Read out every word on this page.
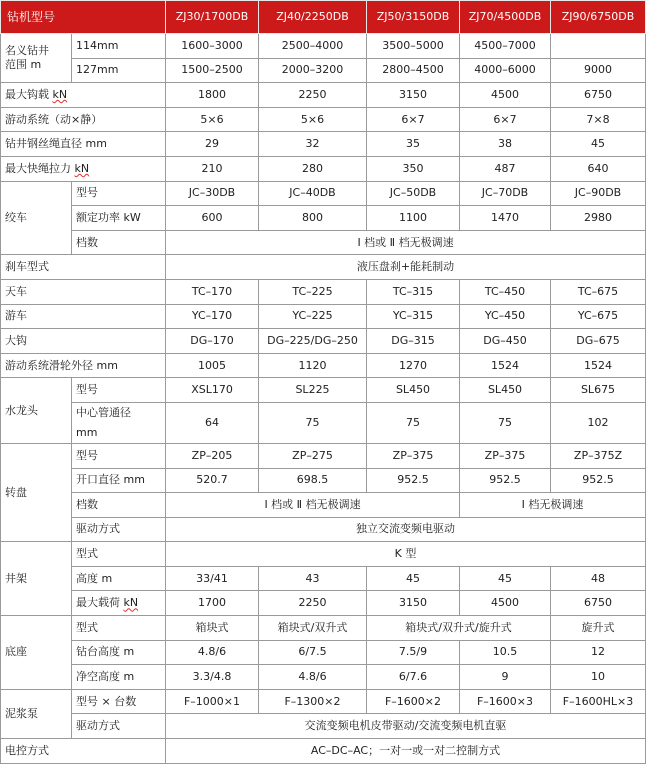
钻机型号		ZJ30/1700DB	ZJ40/2250DB	ZJ50/3150DB	ZJ70/4500DB	ZJ90/6750DB
名义钻井
范围 m	114mm	1600–3000	2500–4000	3500–5000	4500–7000	
	127mm	1500–2500	2000–3200	2800–4500	4000–6000	9000
最大钩载 kN		1800	2250	3150	4500	6750
游动系统（动×静）		5×6	5×6	6×7	6×7	7×8
钻井钢丝绳直径 mm		29	32	35	38	45
最大快绳拉力 kN		210	280	350	487	640
绞车	型号	JC–30DB	JC–40DB	JC–50DB	JC–70DB	JC–90DB
	额定功率 kW	600	800	1100	1470	2980
	档数	Ⅰ 档或 Ⅱ 档无极调速				
刹车型式		液压盘刹+能耗制动				
天车		TC–170	TC–225	TC–315	TC–450	TC–675
游车		YC–170	YC–225	YC–315	YC–450	YC–675
大钩		DG–170	DG–225/DG–250	DG–315	DG–450	DG–675
游动系统滑轮外径 mm		1005	1120	1270	1524	1524
水龙头	型号	XSL170	SL225	SL450	SL450	SL675

	中心管通径
mm	64	75	75	75	102
转盘	型号	ZP–205	ZP–275	ZP–375	ZP–375	ZP–375Z
	开口直径 mm	520.7	698.5	952.5	952.5	952.5
	档数	Ⅰ 档或 Ⅱ 档无极调速			Ⅰ 档无极调速	
	驱动方式	独立交流变频电驱动				
井架	型式	K 型				
	高度 m	33/41	43	45	45	48
	最大载荷 kN	1700	2250	3150	4500	6750
底座	型式	箱块式	箱块式/双升式	箱块式/双升式/旋升式		旋升式
	钻台高度 m	4.8/6	6/7.5	7.5/9	10.5	12
	净空高度 m	3.3/4.8	4.8/6	6/7.6	9	10
泥浆泵	型号 × 台数	F–1000×1	F–1300×2	F–1600×2	F–1600×3	F–1600HL×3
	驱动方式	交流变频电机皮带驱动/交流变频电机直驱				
电控方式		AC–DC–AC；一对一或一对二控制方式				
